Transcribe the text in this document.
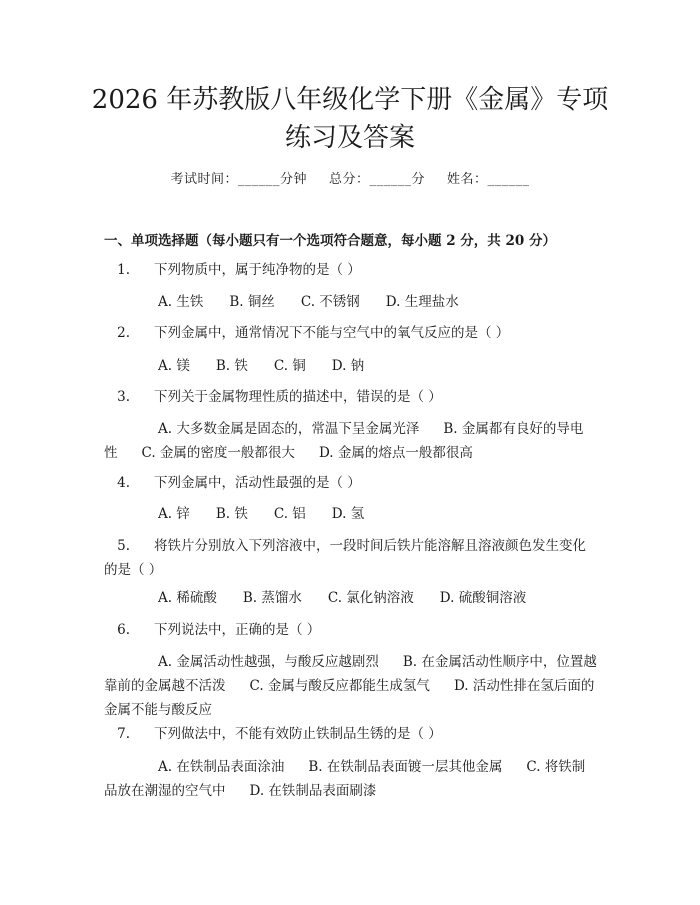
2026 年苏教版八年级化学下册《金属》专项
练习及答案
考试时间：______分钟 总分：______分 姓名：______
一、单项选择题（每小题只有一个选项符合题意，每小题 2 分，共 20 分）
1. 下列物质中，属于纯净物的是（ ）
A. 生铁 B. 铜丝 C. 不锈钢 D. 生理盐水
2. 下列金属中，通常情况下不能与空气中的氧气反应的是（ ）
A. 镁 B. 铁 C. 铜 D. 钠
3. 下列关于金属物理性质的描述中，错误的是（ ）
A. 大多数金属是固态的，常温下呈金属光泽 B. 金属都有良好的导电性 C. 金属的密度一般都很大 D. 金属的熔点一般都很高
4. 下列金属中，活动性最强的是（ ）
A. 锌 B. 铁 C. 铝 D. 氢
5. 将铁片分别放入下列溶液中，一段时间后铁片能溶解且溶液颜色发生变化的是（ ）
A. 稀硫酸 B. 蒸馏水 C. 氯化钠溶液 D. 硫酸铜溶液
6. 下列说法中，正确的是（ ）
A. 金属活动性越强，与酸反应越剧烈 B. 在金属活动性顺序中，位置越靠前的金属越不活泼 C. 金属与酸反应都能生成氢气 D. 活动性排在氢后面的金属不能与酸反应
7. 下列做法中，不能有效防止铁制品生锈的是（ ）
A. 在铁制品表面涂油 B. 在铁制品表面镀一层其他金属 C. 将铁制品放在潮湿的空气中 D. 在铁制品表面刷漆
